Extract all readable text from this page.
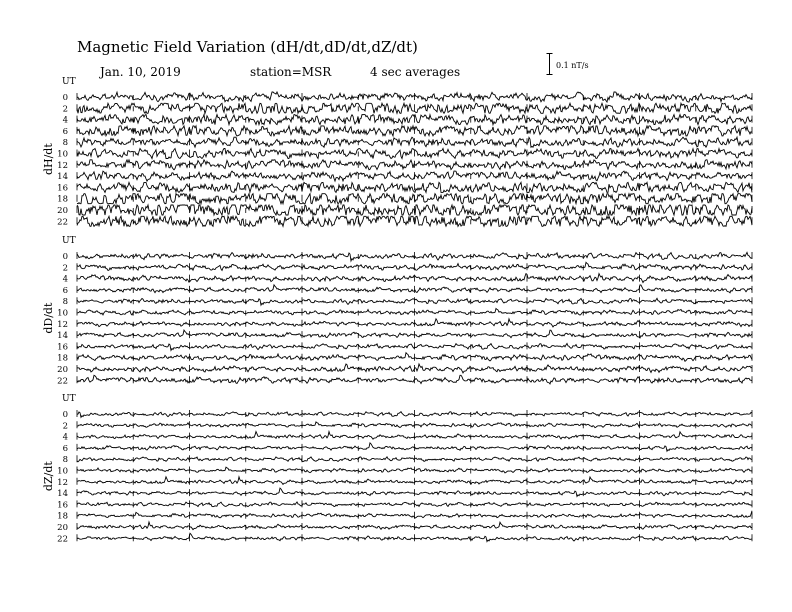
UT
dH/dt
0
2
4
6
8
10
12
14
16
18
20
22
UT
dD/dt
0
2
4
6
8
10
12
14
16
18
20
22
UT
dZ/dt
0
2
4
6
8
10
12
14
16
18
20
22
Magnetic Field Variation (dH/dt,dD/dt,dZ/dt)
Jan. 10, 2019	station=MSR	4 sec averages	0.1 nT/s
